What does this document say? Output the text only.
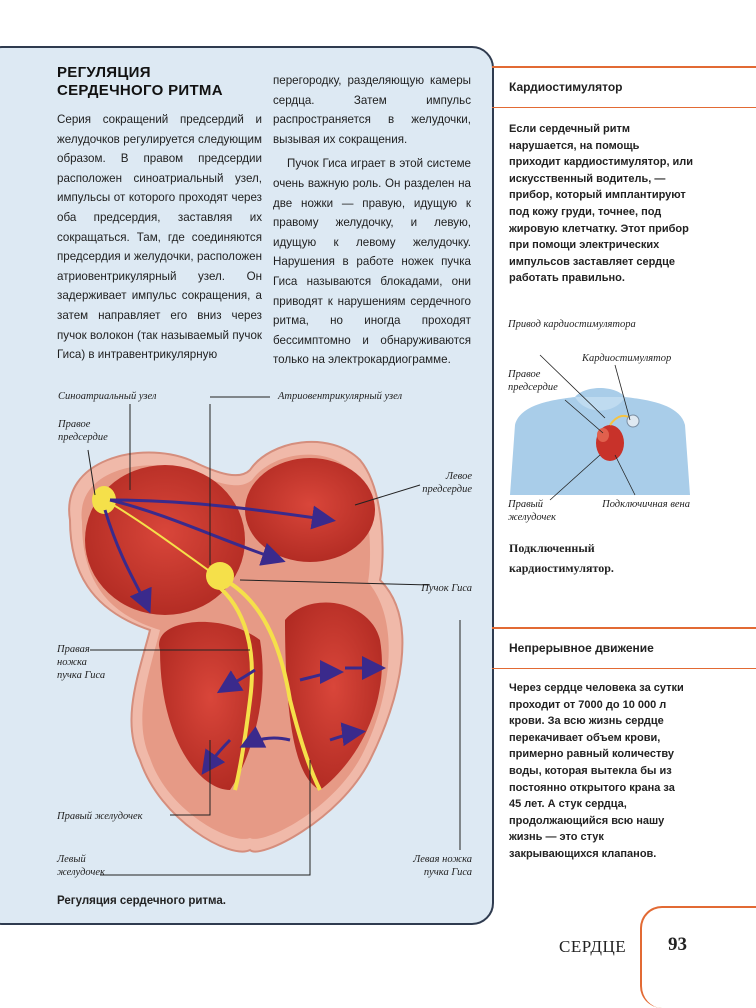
РЕГУЛЯЦИЯ
СЕРДЕЧНОГО РИТМА

Серия сокращений предсердий и желудочков регулируется следующим образом. В правом предсердии расположен синоатриальный узел, импульсы от которого проходят через оба предсердия, заставляя их сокращаться. Там, где соединяются предсердия и желудочки, расположен атриовентрикулярный узел. Он задерживает импульс сокращения, а затем направляет его вниз через пучок волокон (так называемый пучок Гиса) в интравентрикулярную

перегородку, разделяющую камеры сердца. Затем импульс распространяется в желудочки, вызывая их сокращения.

Пучок Гиса играет в этой системе очень важную роль. Он разделен на две ножки — правую, идущую к правому желудочку, и левую, идущую к левому желудочку. Нарушения в работе ножек пучка Гиса называются блокадами, они приводят к нарушениям сердечного ритма, но иногда проходят бессимптомно и обнаруживаются только на электрокардиограмме.

Синоатриальный узел	Атриовентрикулярный узел
Правое предсердие
Левое предсердие
Пучок Гиса
Правая ножка пучка Гиса
Правый желудочек
Левый желудочек
Левая ножка пучка Гиса
Регуляция сердечного ритма.
Кардиостимулятор
Если сердечный ритм нарушается, на помощь приходит кардиостимулятор, или искусственный водитель, — прибор, который имплантируют под кожу груди, точнее, под жировую клетчатку. Этот прибор при помощи электрических импульсов заставляет сердце работать правильно.
Привод кардиостимулятора
Кардиостимулятор
Правое предсердие
Правый желудочек
Подключичная вена
Подключенный кардиостимулятор.
Непрерывное движение
Через сердце человека за сутки проходит от 7000 до 10 000 л крови. За всю жизнь сердце перекачивает объем крови, примерно равный количеству воды, которая вытекла бы из постоянно открытого крана за 45 лет. А стук сердца, продолжающийся всю нашу жизнь — это стук закрывающихся клапанов.
СЕРДЦЕ 93
